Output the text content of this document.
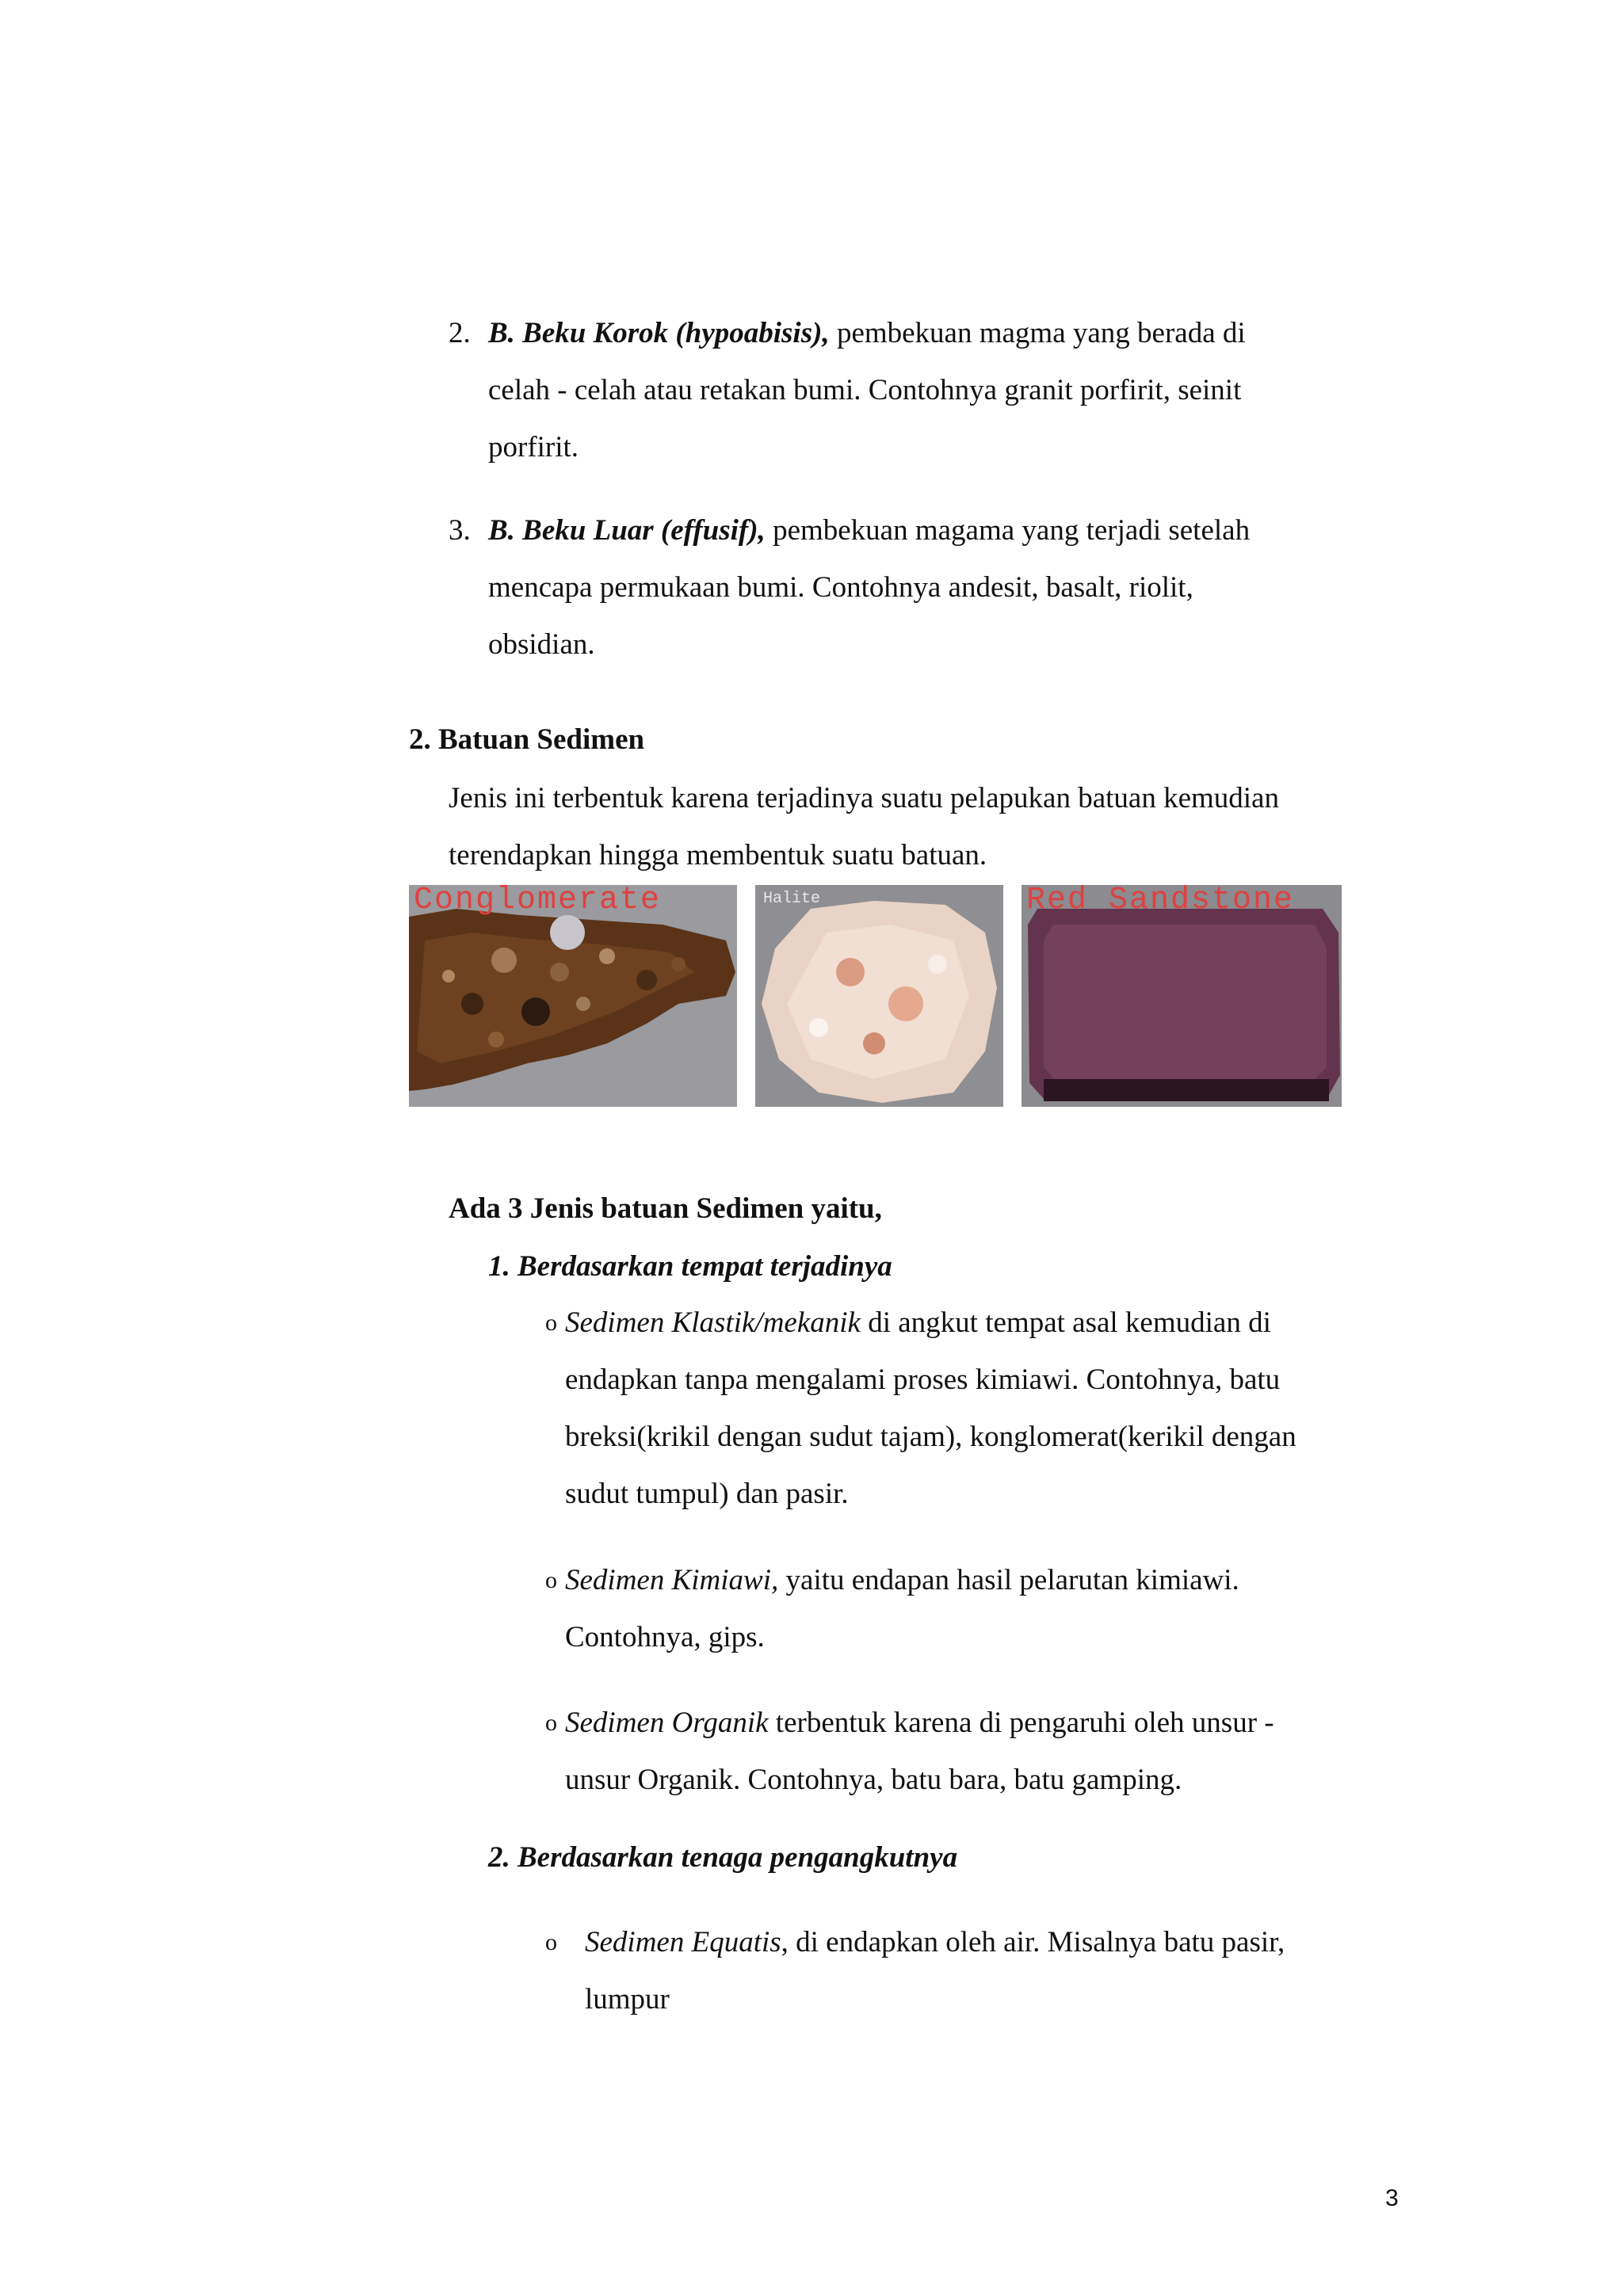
2. B. Beku Korok (hypoabisis), pembekuan magma yang berada di
celah - celah atau retakan bumi. Contohnya granit porfirit, seinit
porfirit.
3. B. Beku Luar (effusif), pembekuan magama yang terjadi setelah
mencapa permukaan bumi. Contohnya andesit, basalt, riolit,
obsidian.
2. Batuan Sedimen
Jenis ini terbentuk karena terjadinya suatu pelapukan batuan kemudian
terendapkan hingga membentuk suatu batuan.
Conglomerate	Halite	Red Sandstone
Ada 3 Jenis batuan Sedimen yaitu,
1. Berdasarkan tempat terjadinya
o Sedimen Klastik/mekanik di angkut tempat asal kemudian di
endapkan tanpa mengalami proses kimiawi. Contohnya, batu
breksi(krikil dengan sudut tajam), konglomerat(kerikil dengan
sudut tumpul) dan pasir.
o Sedimen Kimiawi, yaitu endapan hasil pelarutan kimiawi.
Contohnya, gips.
o Sedimen Organik terbentuk karena di pengaruhi oleh unsur -
unsur Organik. Contohnya, batu bara, batu gamping.
2. Berdasarkan tenaga pengangkutnya
o Sedimen Equatis, di endapkan oleh air. Misalnya batu pasir,
lumpur
3
